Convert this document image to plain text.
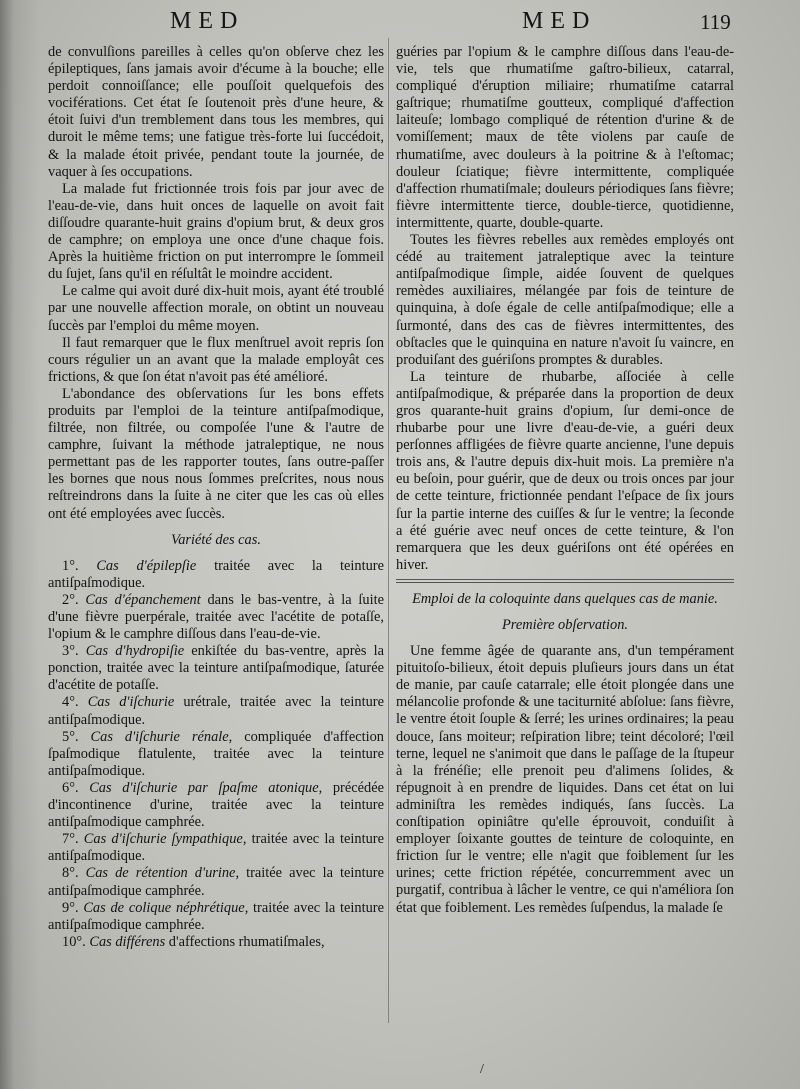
MED	MED	119

de convulſions pareilles à celles qu'on obſerve chez les épileptiques, ſans jamais avoir d'écume à la bouche; elle perdoit connoiſſance; elle pouſſoit quelquefois des vociférations. Cet état ſe ſoutenoit près d'une heure, & étoit ſuivi d'un tremblement dans tous les membres, qui duroit le même tems; une fatigue très-forte lui ſuccédoit, & la malade étoit privée, pendant toute la journée, de vaquer à ſes occupations.

La malade fut frictionnée trois fois par jour avec de l'eau-de-vie, dans huit onces de laquelle on avoit fait diſſoudre quarante-huit grains d'opium brut, & deux gros de camphre; on employa une once d'une chaque fois. Après la huitième friction on put interrompre le ſommeil du ſujet, ſans qu'il en réſultât le moindre accident.

Le calme qui avoit duré dix-huit mois, ayant été troublé par une nouvelle affection morale, on obtint un nouveau ſuccès par l'emploi du même moyen.

Il faut remarquer que le flux menſtruel avoit repris ſon cours régulier un an avant que la malade employât ces frictions, & que ſon état n'avoit pas été amélioré.

L'abondance des obſervations ſur les bons effets produits par l'emploi de la teinture antiſpaſmodique, filtrée, non filtrée, ou compoſée l'une & l'autre de camphre, ſuivant la méthode jatraleptique, ne nous permettant pas de les rapporter toutes, ſans outre-paſſer les bornes que nous nous ſommes preſcrites, nous nous reſtreindrons dans la ſuite à ne citer que les cas où elles ont été employées avec ſuccès.

Variété des cas.

1°. Cas d'épilepſie traitée avec la teinture antiſpaſmodique.

2°. Cas d'épanchement dans le bas-ventre, à la ſuite d'une fièvre puerpérale, traitée avec l'acétite de potaſſe, l'opium & le camphre diſſous dans l'eau-de-vie.

3°. Cas d'hydropiſie enkiſtée du bas-ventre, après la ponction, traitée avec la teinture antiſpaſmodique, ſaturée d'acétite de potaſſe.

4°. Cas d'iſchurie urétrale, traitée avec la teinture antiſpaſmodique.

5°. Cas d'iſchurie rénale, compliquée d'affection ſpaſmodique flatulente, traitée avec la teinture antiſpaſmodique.

6°. Cas d'iſchurie par ſpaſme atonique, précédée d'incontinence d'urine, traitée avec la teinture antiſpaſmodique camphrée.

7°. Cas d'iſchurie ſympathique, traitée avec la teinture antiſpaſmodique.

8°. Cas de rétention d'urine, traitée avec la teinture antiſpaſmodique camphrée.

9°. Cas de colique néphrétique, traitée avec la teinture antiſpaſmodique camphrée.

10°. Cas différens d'affections rhumatiſmales,

guéries par l'opium & le camphre diſſous dans l'eau-de-vie, tels que rhumatiſme gaſtro-bilieux, catarral, compliqué d'éruption miliaire; rhumatiſme catarral gaſtrique; rhumatiſme goutteux, compliqué d'affection laiteuſe; lombago compliqué de rétention d'urine & de vomiſſement; maux de tête violens par cauſe de rhumatiſme, avec douleurs à la poitrine & à l'eſtomac; douleur ſciatique; fièvre intermittente, compliquée d'affection rhumatiſmale; douleurs périodiques ſans fièvre; fièvre intermittente tierce, double-tierce, quotidienne, intermittente, quarte, double-quarte.

Toutes les fièvres rebelles aux remèdes employés ont cédé au traitement jatraleptique avec la teinture antiſpaſmodique ſimple, aidée ſouvent de quelques remèdes auxiliaires, mélangée par fois de teinture de quinquina, à doſe égale de celle antiſpaſmodique; elle a ſurmonté, dans des cas de fièvres intermittentes, des obſtacles que le quinquina en nature n'avoit ſu vaincre, en produiſant des guériſons promptes & durables.

La teinture de rhubarbe, aſſociée à celle antiſpaſmodique, & préparée dans la proportion de deux gros quarante-huit grains d'opium, ſur demi-once de rhubarbe pour une livre d'eau-de-vie, a guéri deux perſonnes affligées de fièvre quarte ancienne, l'une depuis trois ans, & l'autre depuis dix-huit mois. La première n'a eu beſoin, pour guérir, que de deux ou trois onces par jour de cette teinture, frictionnée pendant l'eſpace de ſix jours ſur la partie interne des cuiſſes & ſur le ventre; la ſeconde a été guérie avec neuf onces de cette teinture, & l'on remarquera que les deux guériſons ont été opérées en hiver.

Emploi de la coloquinte dans quelques cas de manie.

Première obſervation.

Une femme âgée de quarante ans, d'un tempérament pituitoſo-bilieux, étoit depuis pluſieurs jours dans un état de manie, par cauſe catarrale; elle étoit plongée dans une mélancolie profonde & une taciturnité abſolue: ſans fièvre, le ventre étoit ſouple & ſerré; les urines ordinaires; la peau douce, ſans moiteur; reſpiration libre; teint décoloré; l'œil terne, lequel ne s'animoit que dans le paſſage de la ſtupeur à la frénéſie; elle prenoit peu d'alimens ſolides, & répugnoit à en prendre de liquides. Dans cet état on lui adminiſtra les remèdes indiqués, ſans ſuccès. La conſtipation opiniâtre qu'elle éprouvoit, conduiſit à employer ſoixante gouttes de teinture de coloquinte, en friction ſur le ventre; elle n'agit que foiblement ſur les urines; cette friction répétée, concurremment avec un purgatif, contribua à lâcher le ventre, ce qui n'améliora ſon état que foiblement. Les remèdes ſuſpendus, la malade ſe

/
